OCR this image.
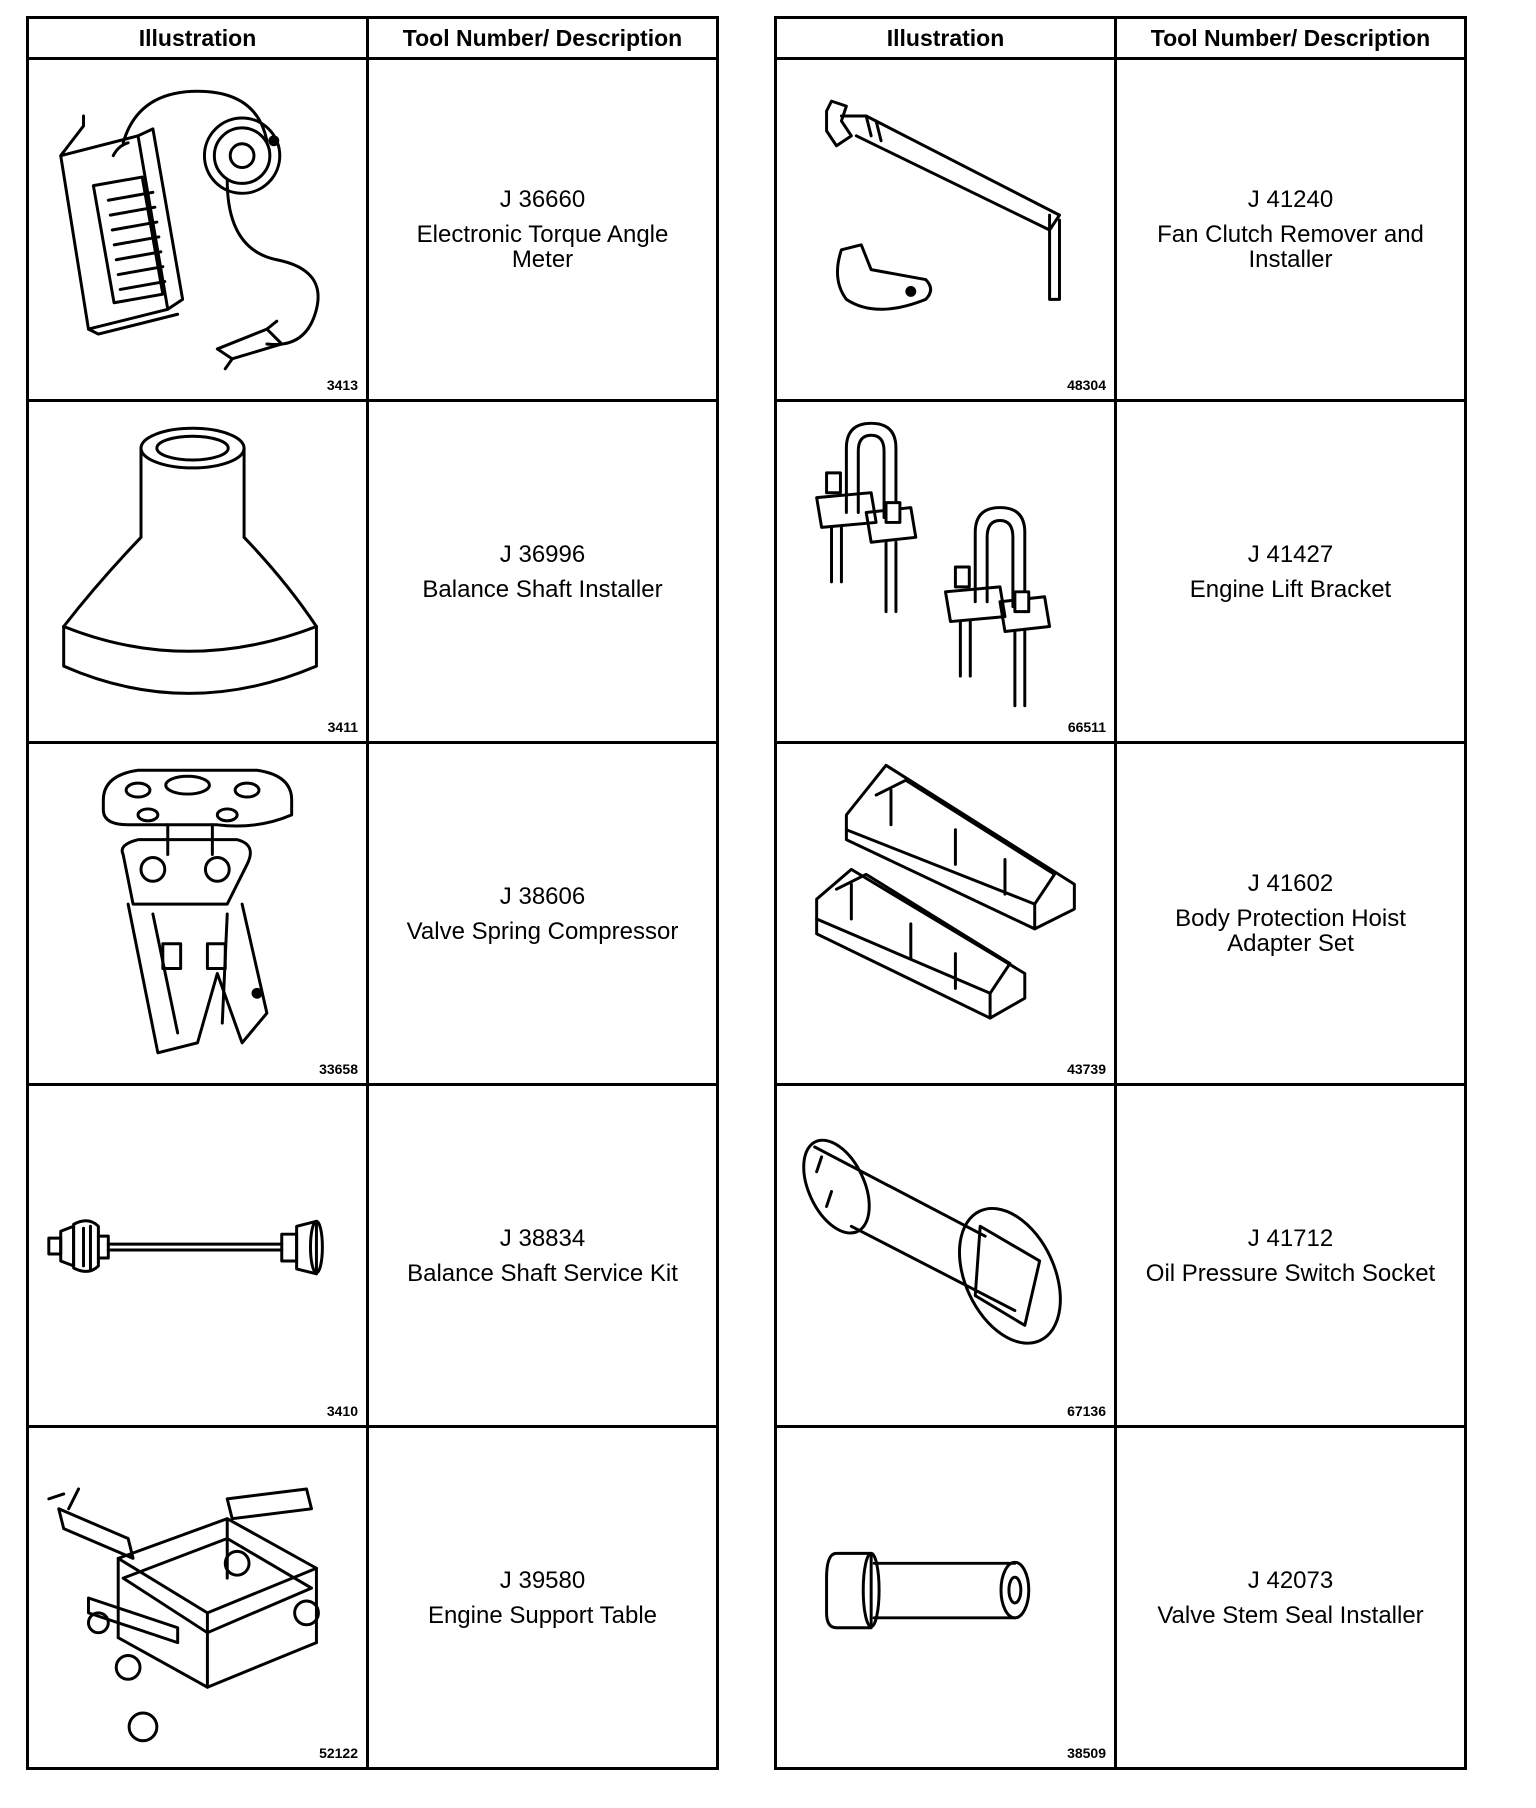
Illustration	Tool Number/ Description

3413	J 36660
Electronic Torque Angle Meter

3411	J 36996
Balance Shaft Installer

33658	J 38606
Valve Spring Compressor

3410	J 38834
Balance Shaft Service Kit

52122	J 39580
Engine Support Table
Illustration	Tool Number/ Description

48304	J 41240
Fan Clutch Remover and Installer

66511	J 41427
Engine Lift Bracket

43739	J 41602
Body Protection Hoist Adapter Set

67136	J 41712
Oil Pressure Switch Socket

38509	J 42073
Valve Stem Seal Installer
